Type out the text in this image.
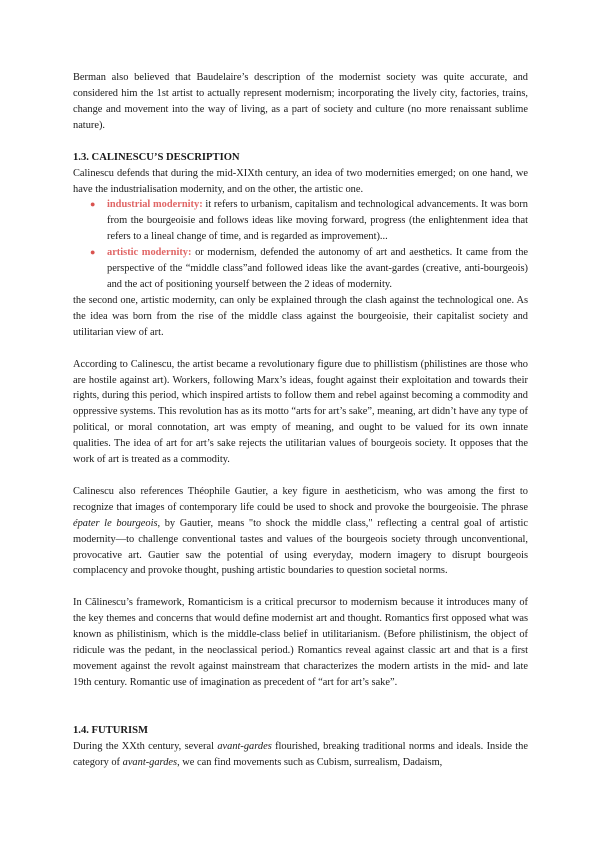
Berman also believed that Baudelaire’s description of the modernist society was quite accurate, and considered him the 1st artist to actually represent modernism; incorporating the lively city, factories, trains, change and movement into the way of living, as a part of society and culture (no more renaissant sublime nature).

1.3. CALINESCU’S DESCRIPTION

Calinescu defends that during the mid-XIXth century, an idea of two modernities emerged; on one hand, we have the industrialisation modernity, and on the other, the artistic one.

● industrial modernity: it refers to urbanism, capitalism and technological advancements. It was born from the bourgeoisie and follows ideas like moving forward, progress (the enlightenment idea that refers to a lineal change of time, and is regarded as improvement)...
● artistic modernity: or modernism, defended the autonomy of art and aesthetics. It came from the perspective of the “middle class”and followed ideas like the avant-gardes (creative, anti-bourgeois) and the act of positioning yourself between the 2 ideas of modernity.

the second one, artistic modernity, can only be explained through the clash against the technological one. As the idea was born from the rise of the middle class against the bourgeoisie, their capitalist society and utilitarian view of art.

According to Calinescu, the artist became a revolutionary figure due to phillistism (philistines are those who are hostile against art). Workers, following Marx’s ideas, fought against their exploitation and towards their rights, during this period, which inspired artists to follow them and rebel against becoming a commodity and oppressive systems. This revolution has as its motto “arts for art’s sake”, meaning, art didn’t have any type of political, or moral connotation, art was empty of meaning, and ought to be valued for its own innate qualities. The idea of art for art’s sake rejects the utilitarian values of bourgeois society. It opposes that the work of art is treated as a commodity.

Calinescu also references Théophile Gautier, a key figure in aestheticism, who was among the first to recognize that images of contemporary life could be used to shock and provoke the bourgeoisie. The phrase épater le bourgeois, by Gautier, means "to shock the middle class," reflecting a central goal of artistic modernity—to challenge conventional tastes and values of the bourgeois society through unconventional, provocative art. Gautier saw the potential of using everyday, modern imagery to disrupt bourgeois complacency and provoke thought, pushing artistic boundaries to question societal norms.

In Călinescu’s framework, Romanticism is a critical precursor to modernism because it introduces many of the key themes and concerns that would define modernist art and thought. Romantics first opposed what was known as philistinism, which is the middle-class belief in utilitarianism. (Before philistinism, the object of ridicule was the pedant, in the neoclassical period.) Romantics reveal against classic art and that is a first movement against the revolt against mainstream that characterizes the modern artists in the mid- and late 19th century. Romantic use of imagination as precedent of “art for art’s sake”.

1.4. FUTURISM

During the XXth century, several avant-gardes flourished, breaking traditional norms and ideals. Inside the category of avant-gardes, we can find movements such as Cubism, surrealism, Dadaism,
